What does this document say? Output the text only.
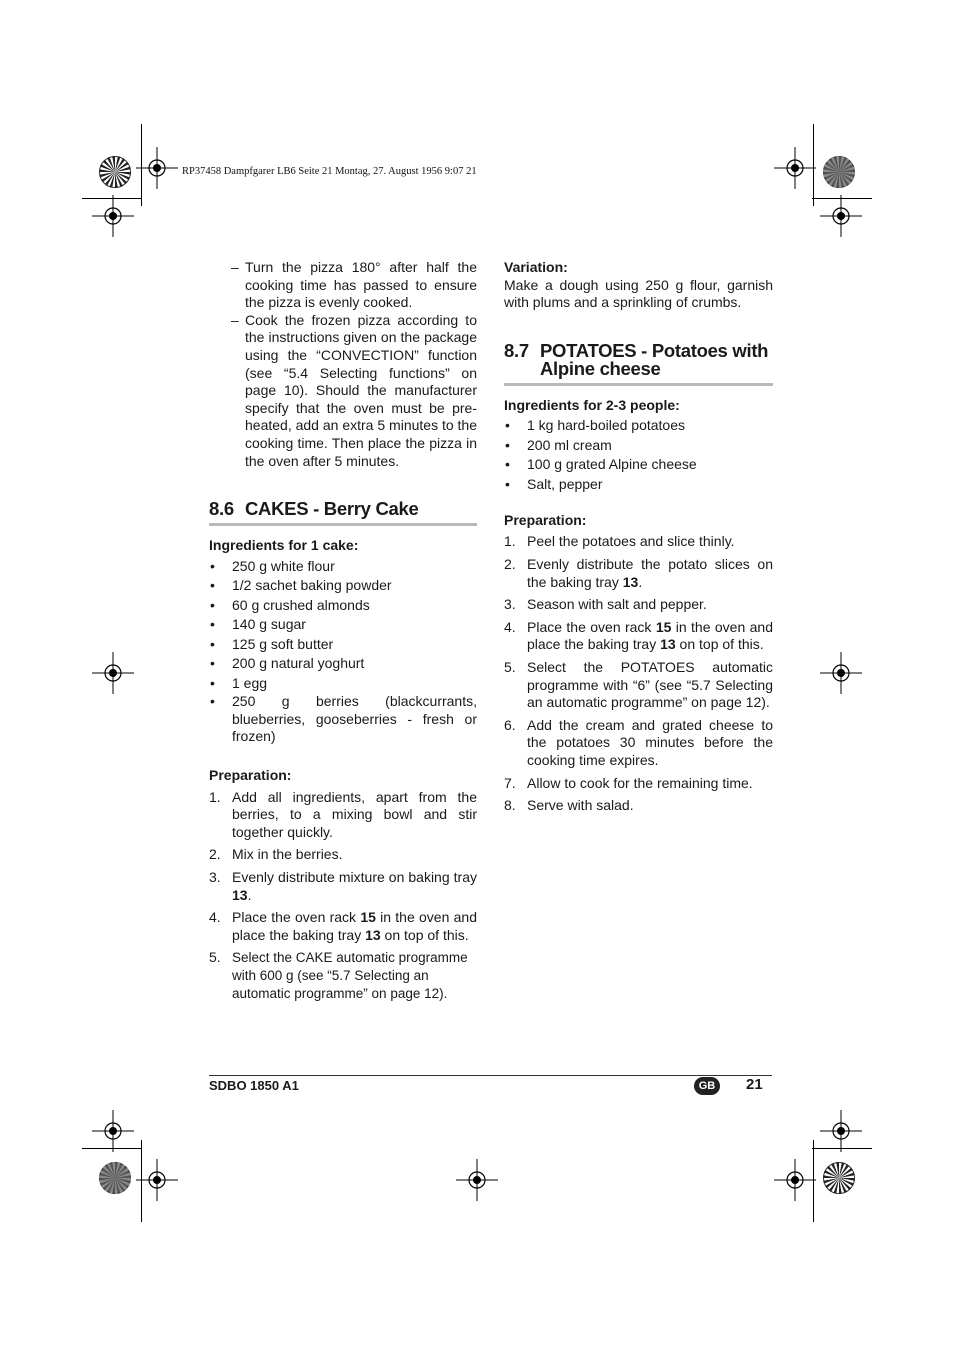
RP37458 Dampfgarer LB6 Seite 21 Montag, 27. August 1956 9:07 21
– Turn the pizza 180° after half the cooking time has passed to ensure the pizza is evenly cooked.
– Cook the frozen pizza according to the instructions given on the package using the “CONVECTION” function (see “5.4 Selecting functions” on page 10). Should the manufacturer specify that the oven must be pre-heated, add an extra 5 minutes to the cooking time. Then place the pizza in the oven after 5 minutes.
8.6 CAKES - Berry Cake
Ingredients for 1 cake:
• 250 g white flour
• 1/2 sachet baking powder
• 60 g crushed almonds
• 140 g sugar
• 125 g soft butter
• 200 g natural yoghurt
• 1 egg
• 250 g berries (blackcurrants, blueberries, gooseberries - fresh or frozen)
Preparation:
1. Add all ingredients, apart from the berries, to a mixing bowl and stir together quickly.
2. Mix in the berries.
3. Evenly distribute mixture on baking tray 13.
4. Place the oven rack 15 in the oven and place the baking tray 13 on top of this.
5. Select the CAKE automatic programme with 600 g (see “5.7 Selecting an automatic programme” on page 12).
Variation:
Make a dough using 250 g flour, garnish with plums and a sprinkling of crumbs.
8.7 POTATOES - Potatoes with Alpine cheese
Ingredients for 2-3 people:
• 1 kg hard-boiled potatoes
• 200 ml cream
• 100 g grated Alpine cheese
• Salt, pepper
Preparation:
1. Peel the potatoes and slice thinly.
2. Evenly distribute the potato slices on the baking tray 13.
3. Season with salt and pepper.
4. Place the oven rack 15 in the oven and place the baking tray 13 on top of this.
5. Select the POTATOES automatic programme with “6” (see “5.7 Selecting an automatic programme” on page 12).
6. Add the cream and grated cheese to the potatoes 30 minutes before the cooking time expires.
7. Allow to cook for the remaining time.
8. Serve with salad.
SDBO 1850 A1	GB	21
